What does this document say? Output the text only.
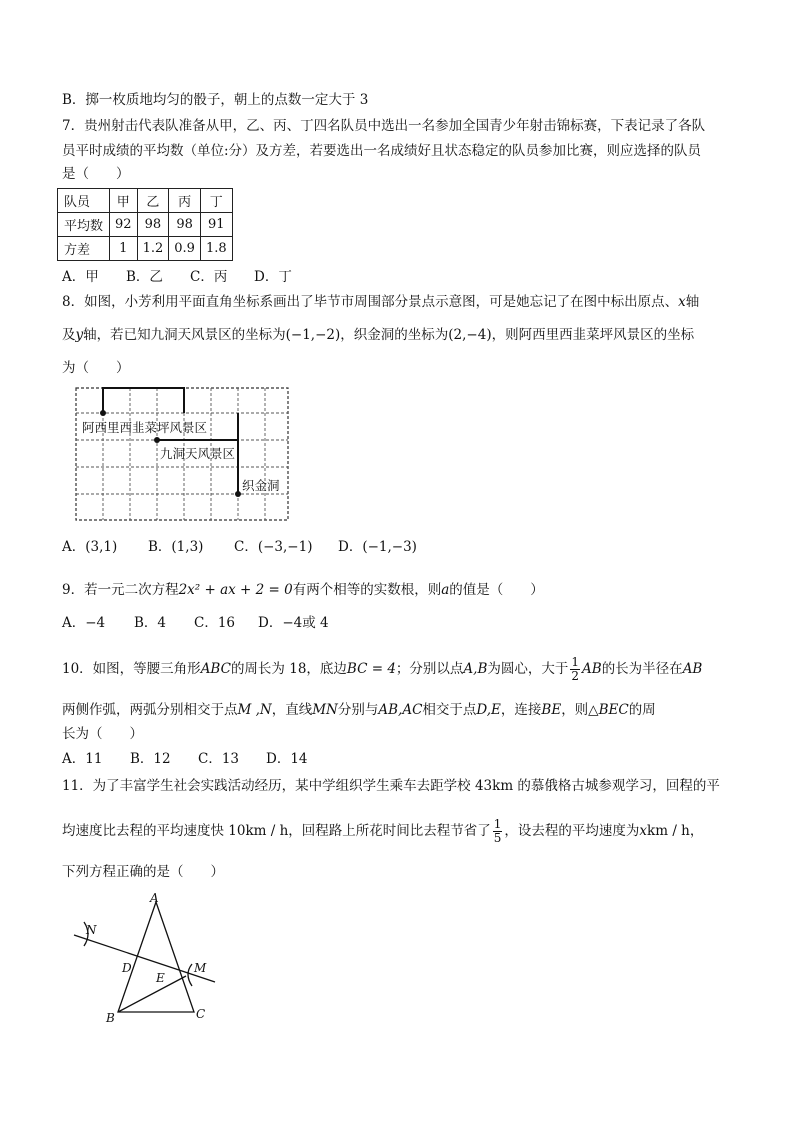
B．掷一枚质地均匀的骰子，朝上的点数一定大于 3
7．贵州射击代表队准备从甲，乙、丙、丁四名队员中选出一名参加全国青少年射击锦标赛，下表记录了各队
员平时成绩的平均数（单位:分）及方差，若要选出一名成绩好且状态稳定的队员参加比赛，则应选择的队员
是（　　）
队员	甲	乙	丙	丁
平均数	92	98	98	91
方差	1	1.2	0.9	1.8
A．甲 B．乙 C．丙 D．丁
8．如图，小芳利用平面直角坐标系画出了毕节市周围部分景点示意图，可是她忘记了在图中标出原点、x轴
及y轴，若已知九洞天风景区的坐标为(−1,−2)，织金洞的坐标为(2,−4)，则阿西里西韭菜坪风景区的坐标
为（　　）
阿西里西韭菜坪风景区
九洞天风景区
织金洞
A．(3,1) B．(1,3) C．(−3,−1) D．(−1,−3)
9．若一元二次方程2x² + ax + 2 = 0有两个相等的实数根，则a的值是（　　）
A．−4 B．4 C．16 D．−4或 4
10．如图，等腰三角形ABC的周长为 18，底边BC = 4；分别以点A,B为圆心，大于 $\frac{1}{2}$ AB的长为半径在AB
两侧作弧，两弧分别相交于点M ,N，直线MN分别与AB,AC相交于点D,E，连接BE，则△BEC的周
长为（　　）
A．11 B．12 C．13 D．14
11．为了丰富学生社会实践活动经历，某中学组织学生乘车去距学校 43km 的慕俄格古城参观学习，回程的平
均速度比去程的平均速度快 10km / h，回程路上所花时间比去程节省了 $\frac{1}{5}$ ，设去程的平均速度为xkm / h，
下列方程正确的是（　　）
A
N
D
E
M
B	C
